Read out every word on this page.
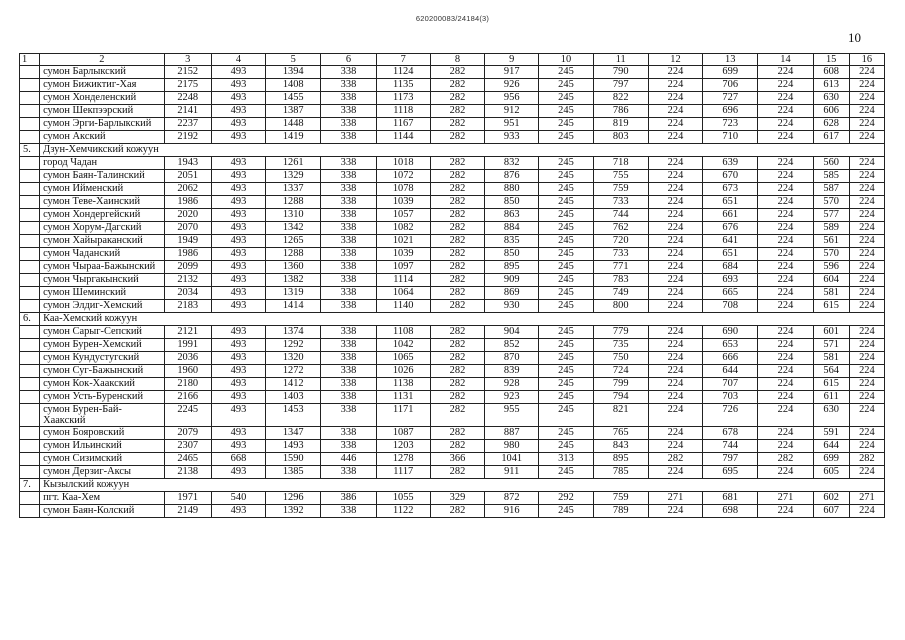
620200083/24184(3)
10
1	2	3	4	5	6	7	8	9	10	11	12	13	14	15	16
	сумон Барлыкский	2152	493	1394	338	1124	282	917	245	790	224	699	224	608	224
	сумон Бижиктиг-Хая	2175	493	1408	338	1135	282	926	245	797	224	706	224	613	224
	сумон Хонделенский	2248	493	1455	338	1173	282	956	245	822	224	727	224	630	224
	сумон Шекпээрский	2141	493	1387	338	1118	282	912	245	786	224	696	224	606	224
	сумон Эрги-Барлыкский	2237	493	1448	338	1167	282	951	245	819	224	723	224	628	224
	сумон Акский	2192	493	1419	338	1144	282	933	245	803	224	710	224	617	224
5.	Дзун-Хемчикский кожуун														
	город Чадан	1943	493	1261	338	1018	282	832	245	718	224	639	224	560	224
	сумон Баян-Талинский	2051	493	1329	338	1072	282	876	245	755	224	670	224	585	224
	сумон Ийменский	2062	493	1337	338	1078	282	880	245	759	224	673	224	587	224
	сумон Теве-Хаинский	1986	493	1288	338	1039	282	850	245	733	224	651	224	570	224
	сумон Хондергейский	2020	493	1310	338	1057	282	863	245	744	224	661	224	577	224
	сумон Хорум-Дагский	2070	493	1342	338	1082	282	884	245	762	224	676	224	589	224
	сумон Хайыраканский	1949	493	1265	338	1021	282	835	245	720	224	641	224	561	224
	сумон Чаданский	1986	493	1288	338	1039	282	850	245	733	224	651	224	570	224
	сумон Чыраа-Бажынский	2099	493	1360	338	1097	282	895	245	771	224	684	224	596	224
	сумон Чыргакынский	2132	493	1382	338	1114	282	909	245	783	224	693	224	604	224
	сумон Шеминский	2034	493	1319	338	1064	282	869	245	749	224	665	224	581	224
	сумон Элдиг-Хемский	2183	493	1414	338	1140	282	930	245	800	224	708	224	615	224
6.	Каа-Хемский кожуун														
	сумон Сарыг-Сепский	2121	493	1374	338	1108	282	904	245	779	224	690	224	601	224
	сумон Бурен-Хемский	1991	493	1292	338	1042	282	852	245	735	224	653	224	571	224
	сумон Кундустугский	2036	493	1320	338	1065	282	870	245	750	224	666	224	581	224
	сумон Суг-Бажынский	1960	493	1272	338	1026	282	839	245	724	224	644	224	564	224
	сумон Кок-Хаакский	2180	493	1412	338	1138	282	928	245	799	224	707	224	615	224
	сумон Усть-Буренский	2166	493	1403	338	1131	282	923	245	794	224	703	224	611	224
	сумон Бурен-Бай-Хаакский	2245	493	1453	338	1171	282	955	245	821	224	726	224	630	224
	сумон Бояровский	2079	493	1347	338	1087	282	887	245	765	224	678	224	591	224
	сумон Ильинский	2307	493	1493	338	1203	282	980	245	843	224	744	224	644	224
	сумон Сизимский	2465	668	1590	446	1278	366	1041	313	895	282	797	282	699	282
	сумон Дерзиг-Аксы	2138	493	1385	338	1117	282	911	245	785	224	695	224	605	224
7.	Кызылский кожуун														
	пгт. Каа-Хем	1971	540	1296	386	1055	329	872	292	759	271	681	271	602	271
	сумон Баян-Колский	2149	493	1392	338	1122	282	916	245	789	224	698	224	607	224
